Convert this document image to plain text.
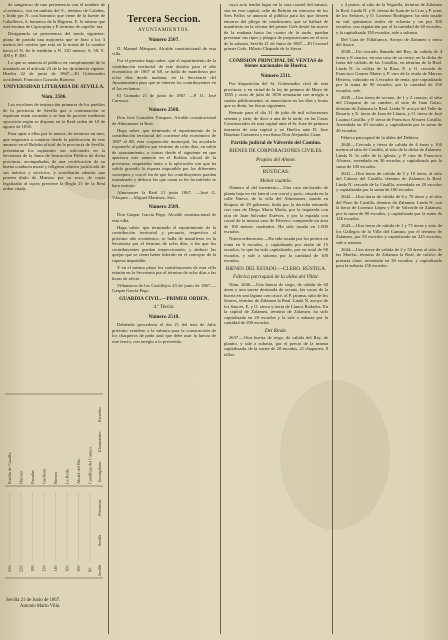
do sangeroso de una pertenencia con el nombre de «Lorenzo», sita en umbria del S., término de Calañas, y linda por N. con barranco que viene de la fuente de Caballeros, S. barranco de la Higuera, E. lo mismo que está encima de Capicopita y P. termino de capella- nia.

Designando su pertenencia del modo siguiente: punto de partida una mojonera que se hizo a los 3 metros del crestón que está en la mitad de la cumbre hacia el N. Se le medirán a N. 150 metros; S. 50; E. 100 y P. 300.

Lo que se anuncia al público en cumplimiento de lo mandado en el artículo 23 de la ley de minería vigente. Huelva 22 de junio de 1867.—El Gobernador accidental, Francisco Gonzalo Romero.

UNIVERSIDAD LITERARIA DE SEVILLA.

Núm. 2506.

Los escolares de instrucción primaria de los pueblos de la provincia de Sevilla que a continuación se expresan están vacantes y se han de proveer mediante oposición según se dispone en la Real orden de 10 de agosto de 1858.

Para optar a ellas por lo menos, de terminar un mes, que empezará a contarse desde la publicación de este anuncio en el Boletín oficial de la provincia de Sevilla, presentaran los aspirantes sus solicitudes en la Secretaria de la Junta de Instrucción Pública de dicha provincia, acompañadas de una certificación de su buena conducta moral y religiosa relativa justificada de sus méritos y servicios, y acreditarán además que poseen título de Maestro por su sexo; de copia legalizada al cuyos previene la Regla 25 de la Real orden citada.

Tercera Seccion.

AYUNTAMIENTOS.

Número 2507.

D. Manuel Márquez, Alcalde constitucional de esta villa.

Por el presente hago saber: que el repartimiento de la contribución territorial de este distrito para el año económico de 1867 al 68, se halla de manifiesto por ocho días desde mañana, en la Secretaria del Ayuntamiento para que se enteren los contribuyentes en el los reclamos.

El Granado 21 de junio de 1867. —P. O., José Carrasco.

Número 2508.

Don José Gonzalez Vázquez, Alcalde constitucional de Almonaster la Real.

Hago saber: que terminado el repartimiento de la contribución territorial del corriente año económico de 1867 al 68, esta corporación municipal, ha acordado exponerlo al público por término de ocho días, en salón de ayuntamiento, a contar desde el siguiente en que aparezca este anuncio en el Boletin oficial de la provincia, respetados tanto a la aplicación con que ha salido gravado la riqueza imponible por los diferentes conceptos y con el fin de que los contribuyentes puedan examinarlo y deducir las que crean se les ha inferido se haro notorio.

Almonaster la Real 21 junio 1867. —José G. Vázquez.—Miguel Martinez, Srio.

Número 2509.

Don Gaspar Garcia Pego, Alcalde constitucional de esta villa.

Hago saber: que terminado el repartimiento de la contribución territorial y pecuaria, respectivo al próximo año económico, se halla de manifiesto en la Secretaria por el término de ocho días, a fin que los contribuyentes puedan inspeccionarlo, y deducir las quejas que se crean haber inferido en el concepto de la riqueza imponible.

Y en el mismo plazo los contribuyentes de esta villa estarán en la Secretaria por el término de ocho días a las horas de oficio.

Villanueva de los Castillejos 23 de junio de 1867.—Gaspar García Pego.

GUARDIA CIVIL.—PRIMER ORDEN.

4.º Tercio.

Número 2510.

Debiendo procederse el dia 21 del mes de Julio próximo venidero a la subasta para la construcción de los chaqueros de paño azul que debe usar la fuerza de este tercio, con arreglo a lo prevenido.

cuyo acto tendrá lugar en la casa cuartel del mismo, sita en esta capital, calle de Beltrán en concurso de los Sres Fallos se anuncia al público para los que deseen entrarse del pliego de condiciones, que se hallará de manifiesto en la oficina del primer Gefe desde las nueve de la mañana hasta las cuatro de la tarde, puedan presentar sus tipos y pliegos de proposiciones en el acto de la subasta. Sevilla 21 de Junio de 1867.—El Coronel primer Gefe, Hilario Chapado de la Sierra.

COMISION PRINCIPAL DE VENTAS de bienes nacionales de Huelva.

Número 2511.

Por disposición del Sr. Gobernador civil de esta provincia, y en virtud de la ley de primero de Mayo de 1855 y otras de julio de 1856 rematarán con arreglo a cuanto públicamente, se anunciaron en los días y horas que se dirán, las fincas siguientes.

Remate para el dia 31 de julio de mil ochocientos sesenta y siete, de doce a una de la tarde, en las Casas Consistoriales de esta capital ante el Sr. Juez de primera instancia de esta capital y en Huelva ante D. Jose Baudran Cartaneru y escribano Don Alejandro Cano.

Partido judicial de Valverde del Camino.

BIENES DE CORPORACIONES CIVILES.

Propios del Almon.

RÚSTICAS.

Menor cuantía.

Número al del inventario.—Una casa enclavado de planta baja en vía lateral con corral y pozo, situada en la calle Nueva, de la villa del Almonaster, tasada en bloques de 29 gobierno, linda por la derecha entrando con casa de Diego Maria Marín, por la izquierda con otra de Juan Salvador Estévez, y por la espalda con corral de la misma casa de Herrero; comprende un área de 160 metros cuadrados. Ha sido tasada en 1.000 escudos.

Nueva ordenacion.—Ha sido tasada por los peritos en renta en 6 escudos, y capitalizada por razón de 15 escudos; lo que ha sido capitalizado, por en total de 90 escudos, y sale a subasta por la cantidad de 100 escudos.

BIENES DEL ESTADO.—CLERO. RÚSTICA.

Fábrica parroquial de la aldea del Villar.

Núm. 2636.—Una huerta de riego, de cabida de 40 áreas y una suerte destinada de secano, las vacas de la huerta en una laguna con cauce, al P. jarama, sitio de los Sauces, término de Zalamea la Real. Linda N. arroyo de los Sauces, E. y O. sierra y tierra de Llanos Rodados. En la capital de Zalamea, término de Zalamea, ha sido capitalizada en 20 escudos y la sale a subasta por la cantidad de 200 escudos.

Del Rinde.

2637.—Otra huerta de riego, de cabida del Rey, de plantío, y sale a subasta, por el precio de la misma capitalizada, de la suerte de 20 escudos, 21 chaparros, 8 tallos.

y 4 partes, al sitio de la Vegaella, término de Zalamea la Real. Linda N. y E. tierras de Juan de la Cruz y P. otras de los Señores, y O. Lorenzo Rodriguez; ha sido tasada en mil quinientos reales de ochenta y un por 300 escudos; con regulación por el la cantidad de 60 escudos, y la capitalizada 150 escudos, sale a subasta.

Del Cura de Villafranca. Arroyo de Zalamea y tierra del Sauce.

2638.—Un cercado llamado del Rey, de cabida de 4 áreas y 8 cuartos, en una casa de su cierre, en la dicha de fuera del vallado de las Castillas, en término de la Real. Linda N. la calleja de la Rasa, E. y O. cercado de Francisco Gomez Mateo y P. otro de la viuda de Marcos Herrera, valorado en 3 escudos de renta, que capitalizado por la suma de 90 escudos, por la cantidad de 250 escudos, sale.

2639.—Una tierra de secano, de 1 y 2 cuartos, al sitio del Chaparro de su cumbre, al sitio de Juan Galzo, término de Zalamea la Real. Linda N. arroyo del Valle de Rosario y E. tierra de Juan de Llanos, y O. tierra de José Lozano Castilla, y P. tierra de Francisco Alvarez Castilla. Arrendada en 40 escudos y capitalizada por la suma de 40 escudos.

Fábrica parroquial de la aldea del Dehtera.

2640.—Cercado y tierra de cabida de 4 áreas y 100 metros al sitio de Castilla, al sitio de la dicha de Zalamea. Linda N. la calle de la iglesia, y P. otra de Francisco Alvarez, arrendado en 30 escudos y capitalizado por la suma de 100 escudos.

2641.—Otra tierra de cabida de 5 y 10 áreas, al sitio del Cabeza del Castillo, término de Zalamea la Real. Linda N. cercado de la Castilla, arrendada en 20 escudos y capitalizada por la suma de 100 escudos.

2642.—Otra tierra de cabida de 6 y 70 áreas y al sitio del Pozo de Castilla, término de Zalamea. Linda N. con la tierra de Lorenzo López y P. de Valverde de Zalamea, por la suma de 90 escudos, y capitalizada por la suma de 126 escudos.

2643.—Otra tierra de cabida de 1 y 75 áreas y sitio de los Gallegos de la Villa del Camino, por el término de Zalamea, por 50 escudos y capitalizado en 225 escudos, sale a subasta.

2644.—Una tierra de cabida de 2 y 53 áreas al sitio de las Muelas, término de Zalamea la Real, de cultivo de primera clase; arrendada en 30 escudos, y capitalizado para la subasta 150 escudos.

Puebla de Cazalla
250
Huévar
220
Paradas
190
Guillena
150
Brenes
110
La Roda
100
Alcalá del Río
100
Castilleja del Campo
80
Escuelas
Elementales
Incompletas
Provincia
Sevilla
Sevilla
Sevilla 21 de Junio de 1867.
Antonio Mario Villa.
